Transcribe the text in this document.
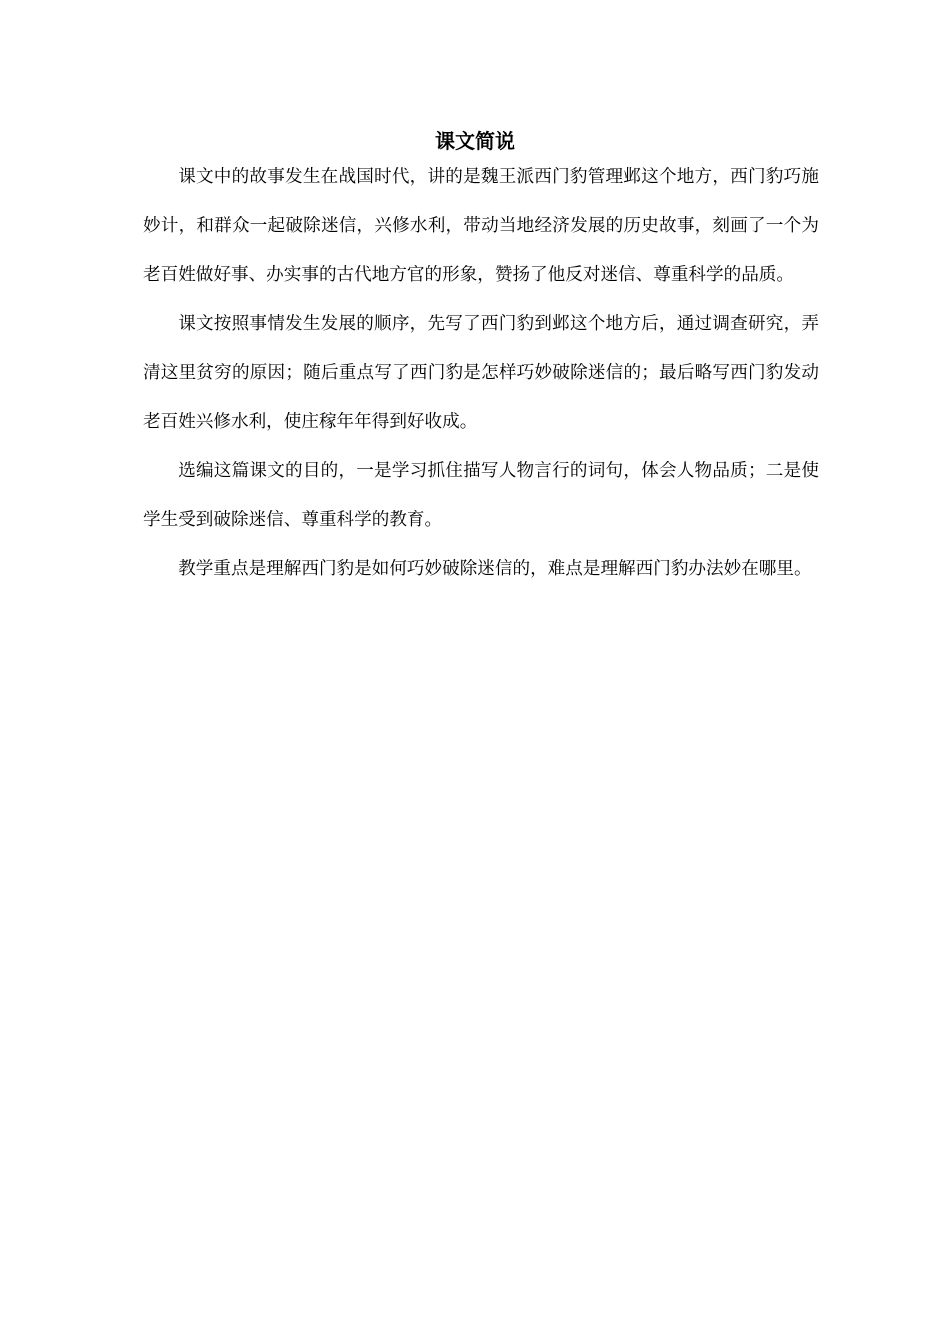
课文简说

课文中的故事发生在战国时代，讲的是魏王派西门豹管理邺这个地方，西门豹巧施妙计，和群众一起破除迷信，兴修水利，带动当地经济发展的历史故事，刻画了一个为老百姓做好事、办实事的古代地方官的形象，赞扬了他反对迷信、尊重科学的品质。

课文按照事情发生发展的顺序，先写了西门豹到邺这个地方后，通过调查研究，弄清这里贫穷的原因；随后重点写了西门豹是怎样巧妙破除迷信的；最后略写西门豹发动老百姓兴修水利，使庄稼年年得到好收成。

选编这篇课文的目的，一是学习抓住描写人物言行的词句，体会人物品质；二是使学生受到破除迷信、尊重科学的教育。

教学重点是理解西门豹是如何巧妙破除迷信的，难点是理解西门豹办法妙在哪里。
